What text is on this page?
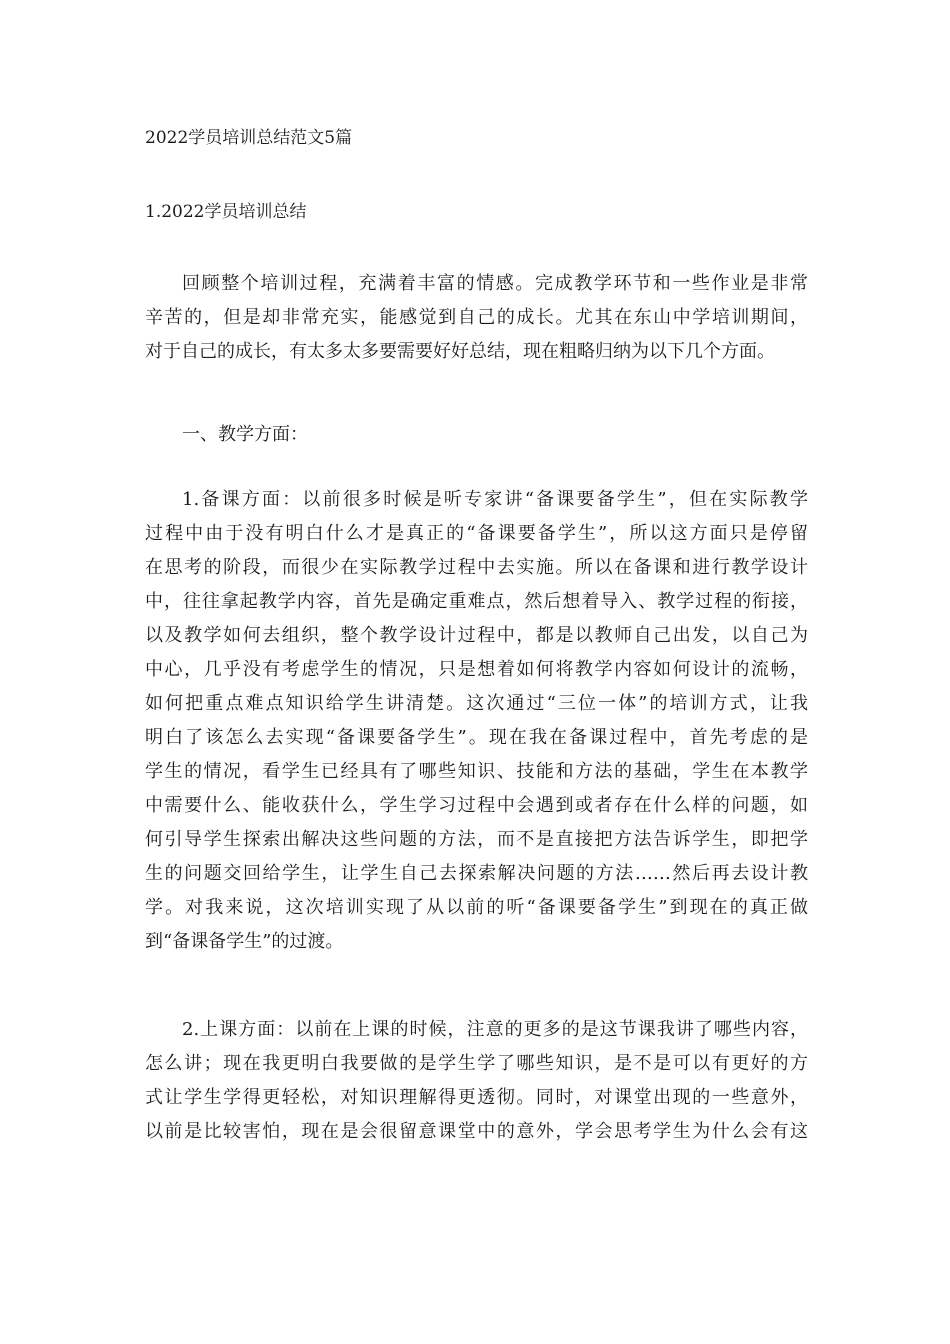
2022学员培训总结范文5篇
1.2022学员培训总结
回顾整个培训过程，充满着丰富的情感。完成教学环节和一些作业是非常
辛苦的，但是却非常充实，能感觉到自己的成长。尤其在东山中学培训期间，
对于自己的成长，有太多太多要需要好好总结，现在粗略归纳为以下几个方面。
一、教学方面：
1.备课方面：以前很多时候是听专家讲“备课要备学生”，但在实际教学
过程中由于没有明白什么才是真正的“备课要备学生”，所以这方面只是停留
在思考的阶段，而很少在实际教学过程中去实施。所以在备课和进行教学设计
中，往往拿起教学内容，首先是确定重难点，然后想着导入、教学过程的衔接，
以及教学如何去组织，整个教学设计过程中，都是以教师自己出发，以自己为
中心，几乎没有考虑学生的情况，只是想着如何将教学内容如何设计的流畅，
如何把重点难点知识给学生讲清楚。这次通过“三位一体”的培训方式，让我
明白了该怎么去实现“备课要备学生”。现在我在备课过程中，首先考虑的是
学生的情况，看学生已经具有了哪些知识、技能和方法的基础，学生在本教学
中需要什么、能收获什么，学生学习过程中会遇到或者存在什么样的问题，如
何引导学生探索出解决这些问题的方法，而不是直接把方法告诉学生，即把学
生的问题交回给学生，让学生自己去探索解决问题的方法……然后再去设计教
学。对我来说，这次培训实现了从以前的听“备课要备学生”到现在的真正做
到“备课备学生”的过渡。
2.上课方面：以前在上课的时候，注意的更多的是这节课我讲了哪些内容，
怎么讲；现在我更明白我要做的是学生学了哪些知识，是不是可以有更好的方
式让学生学得更轻松，对知识理解得更透彻。同时，对课堂出现的一些意外，
以前是比较害怕，现在是会很留意课堂中的意外，学会思考学生为什么会有这
